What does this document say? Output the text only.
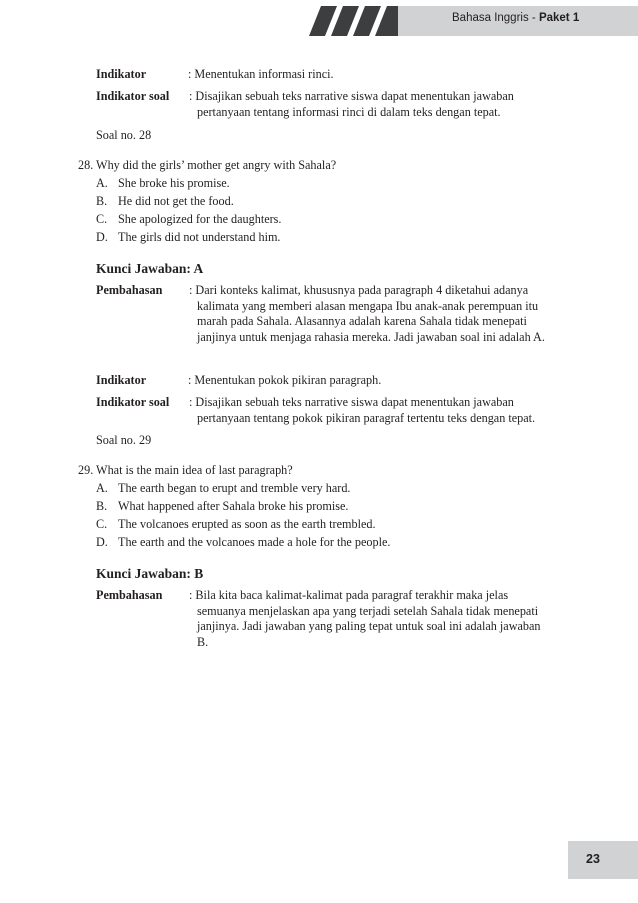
Bahasa Inggris - Paket 1
Indikator	: Menentukan informasi rinci.
Indikator soal	: Disajikan sebuah teks narrative siswa dapat menentukan jawaban
pertanyaan tentang informasi rinci di dalam teks dengan tepat.
Soal no. 28
28. Why did the girls’ mother get angry with Sahala?
A. She broke his promise.
B. He did not get the food.
C. She apologized for the daughters.
D. The girls did not understand him.
Kunci Jawaban: A
Pembahasan	: Dari konteks kalimat, khususnya pada paragraph 4 diketahui adanya
kalimata yang memberi alasan mengapa Ibu anak-anak perempuan itu
marah pada Sahala. Alasannya adalah karena Sahala tidak menepati
janjinya untuk menjaga rahasia mereka. Jadi jawaban soal ini adalah A.
Indikator	: Menentukan pokok pikiran paragraph.
Indikator soal	: Disajikan sebuah teks narrative siswa dapat menentukan jawaban
pertanyaan tentang pokok pikiran paragraf tertentu teks dengan tepat.
Soal no. 29
29. What is the main idea of last paragraph?
A. The earth began to erupt and tremble very hard.
B. What happened after Sahala broke his promise.
C. The volcanoes erupted as soon as the earth trembled.
D. The earth and the volcanoes made a hole for the people.
Kunci Jawaban: B
Pembahasan	: Bila kita baca kalimat-kalimat pada paragraf terakhir maka jelas
semuanya menjelaskan apa yang terjadi setelah Sahala tidak menepati
janjinya. Jadi jawaban yang paling tepat untuk soal ini adalah jawaban
B.
23
